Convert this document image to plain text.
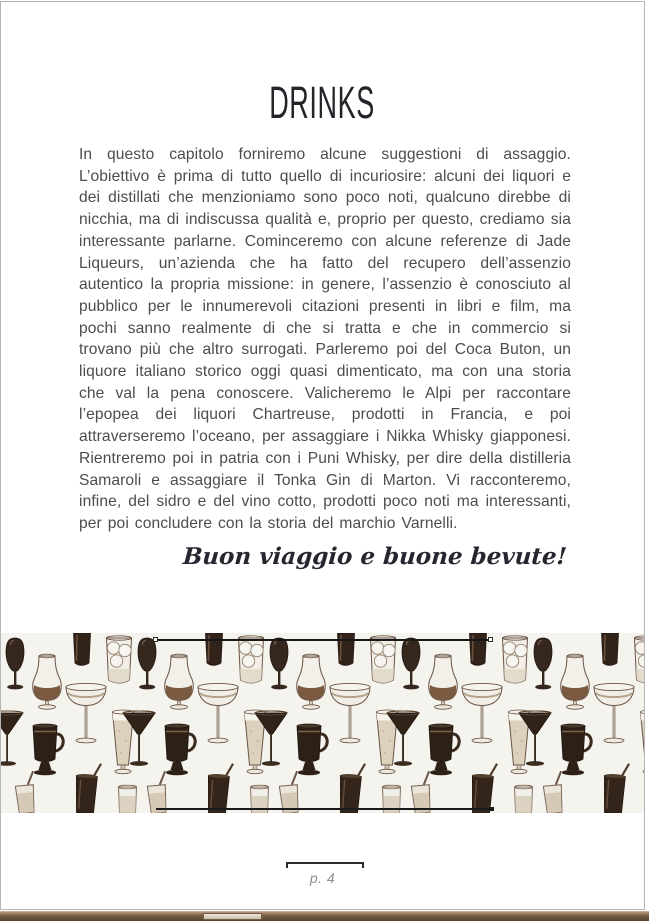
DRINKS

In questo capitolo forniremo alcune suggestioni di assaggio. L’obiettivo è prima di tutto quello di incuriosire: alcuni dei liquori e dei distillati che menzioniamo sono poco noti, qualcuno direbbe di nicchia, ma di indiscussa qualità e, proprio per questo, crediamo sia interessante parlarne. Cominceremo con alcune referenze di Jade Liqueurs, un’azienda che ha fatto del recupero dell’assenzio autentico la propria missione: in genere, l’assenzio è conosciuto al pubblico per le innumerevoli citazioni presenti in libri e film, ma pochi sanno realmente di che si tratta e che in commercio si trovano più che altro surrogati. Parleremo poi del Coca Buton, un liquore italiano storico oggi quasi dimenticato, ma con una storia che val la pena conoscere. Valicheremo le Alpi per raccontare l’epopea dei liquori Chartreuse, prodotti in Francia, e poi attraverseremo l’oceano, per assaggiare i Nikka Whisky giapponesi. Rientreremo poi in patria con i Puni Whisky, per dire della distilleria Samaroli e assaggiare il Tonka Gin di Marton. Vi racconteremo, infine, del sidro e del vino cotto, prodotti poco noti ma interessanti, per poi concludere con la storia del marchio Varnelli.

Buon viaggio e buone bevute!
p. 4
